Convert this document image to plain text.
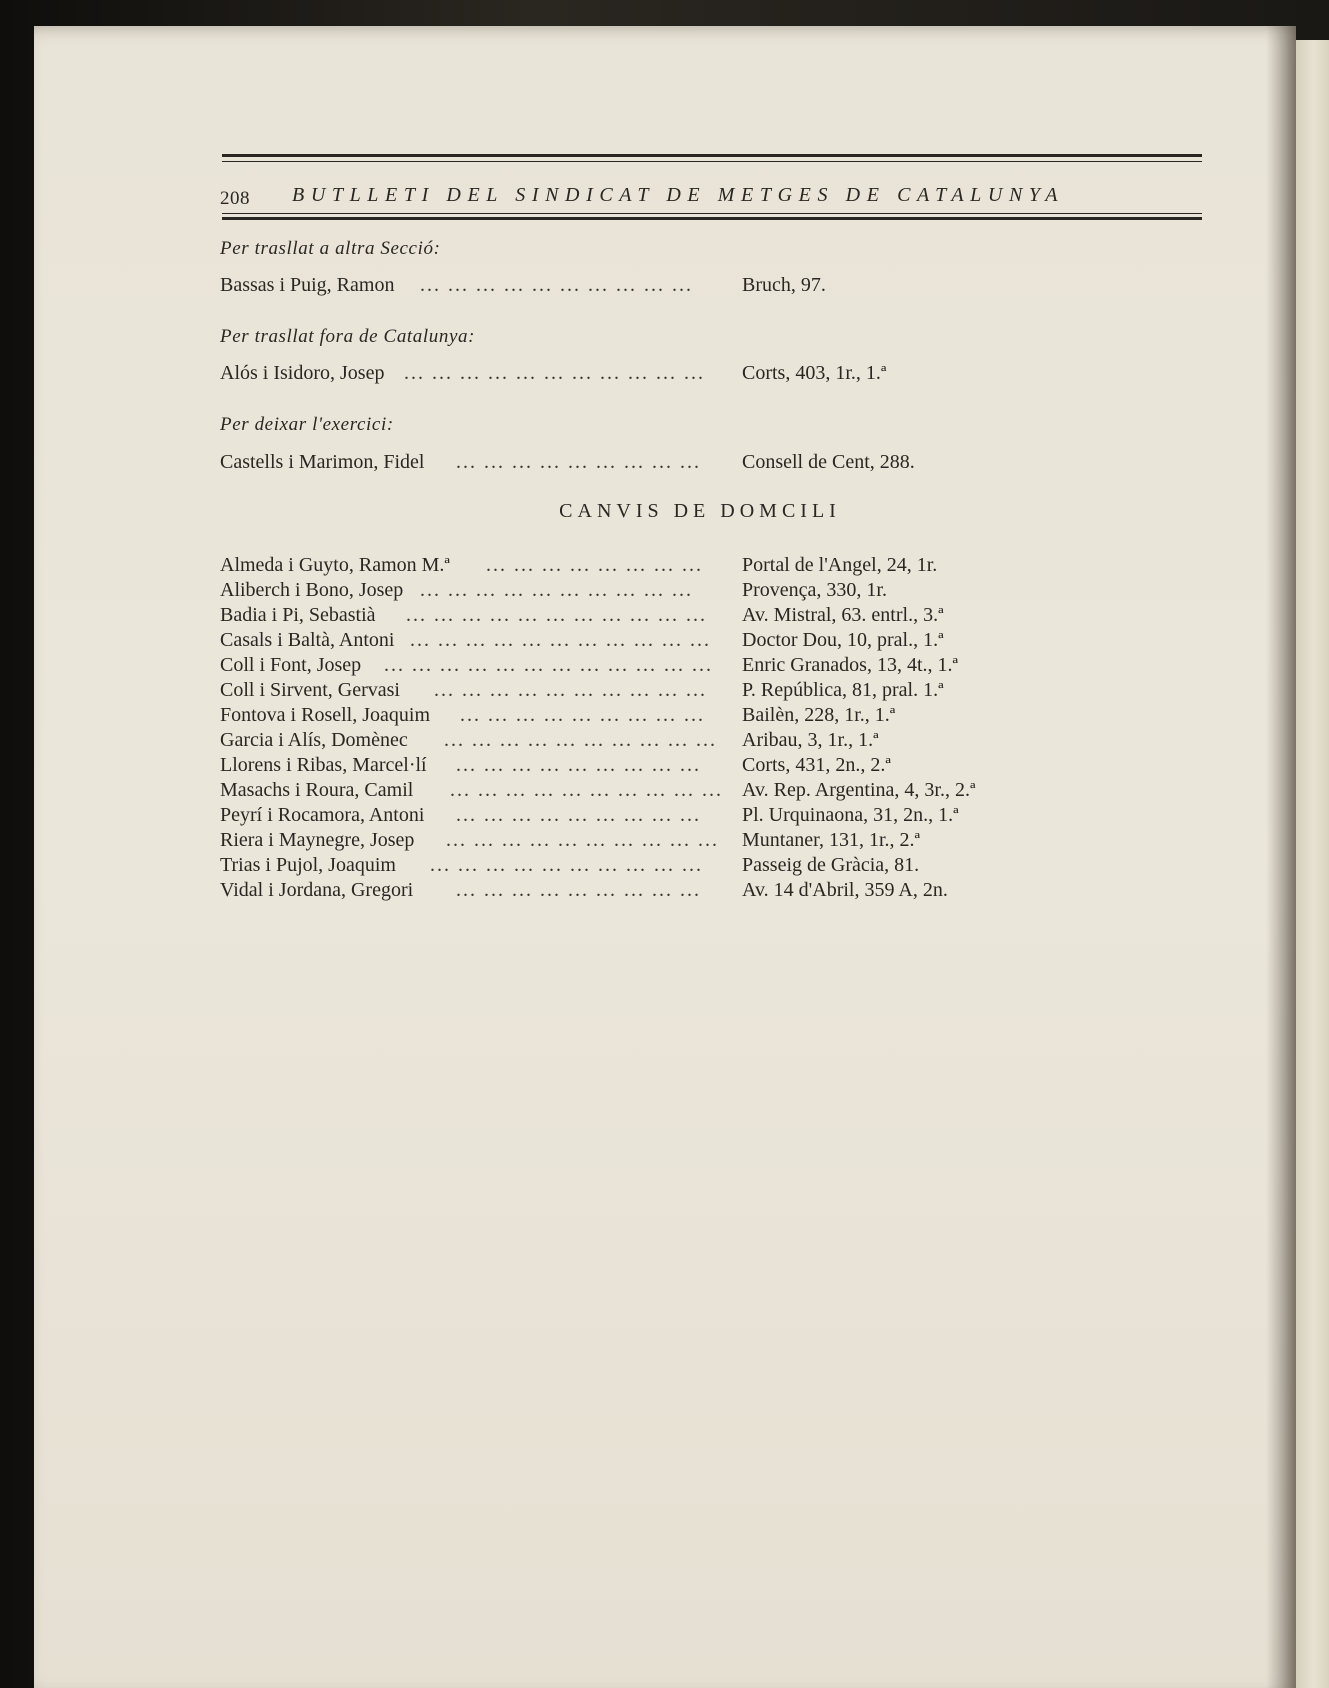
208 BUTLLETI DEL SINDICAT DE METGES DE CATALUNYA
Per trasllat a altra Secció:
Bassas i Puig, Ramon ... ... ... ... ... ... ... ... ... ...	Bruch, 97.
Per trasllat fora de Catalunya:
Alós i Isidoro, Josep ... ... ... ... ... ... ... ... ... ... ...	Corts, 403, 1r., 1.ª
Per deixar l'exercici:
Castells i Marimon, Fidel ... ... ... ... ... ... ... ... ...	Consell de Cent, 288.
CANVIS DE DOMCILI
Almeda i Guyto, Ramon M.ª ... ... ... ... ... ... ... ...	Portal de l'Angel, 24, 1r.
Aliberch i Bono, Josep ... ... ... ... ... ... ... ... ... ...	Provença, 330, 1r.
Badia i Pi, Sebastià ... ... ... ... ... ... ... ... ... ... ...	Av. Mistral, 63. entrl., 3.ª
Casals i Baltà, Antoni ... ... ... ... ... ... ... ... ... ... ...	Doctor Dou, 10, pral., 1.ª
Coll i Font, Josep ... ... ... ... ... ... ... ... ... ... ... ...	Enric Granados, 13, 4t., 1.ª
Coll i Sirvent, Gervasi ... ... ... ... ... ... ... ... ... ...	P. República, 81, pral. 1.ª
Fontova i Rosell, Joaquim ... ... ... ... ... ... ... ... ...	Bailèn, 228, 1r., 1.ª
Garcia i Alís, Domènec ... ... ... ... ... ... ... ... ... ...	Aribau, 3, 1r., 1.ª
Llorens i Ribas, Marcel·lí ... ... ... ... ... ... ... ... ...	Corts, 431, 2n., 2.ª
Masachs i Roura, Camil ... ... ... ... ... ... ... ... ... ... Av. Rep. Argentina, 4, 3r., 2.ª
Peyrí i Rocamora, Antoni ... ... ... ... ... ... ... ... ...	Pl. Urquinaona, 31, 2n., 1.ª
Riera i Maynegre, Josep ... ... ... ... ... ... ... ... ... ...	Muntaner, 131, 1r., 2.ª
Trias i Pujol, Joaquim ... ... ... ... ... ... ... ... ... ...	Passeig de Gràcia, 81.
Vidal i Jordana, Gregori ... ... ... ... ... ... ... ... ...	Av. 14 d'Abril, 359 A, 2n.
